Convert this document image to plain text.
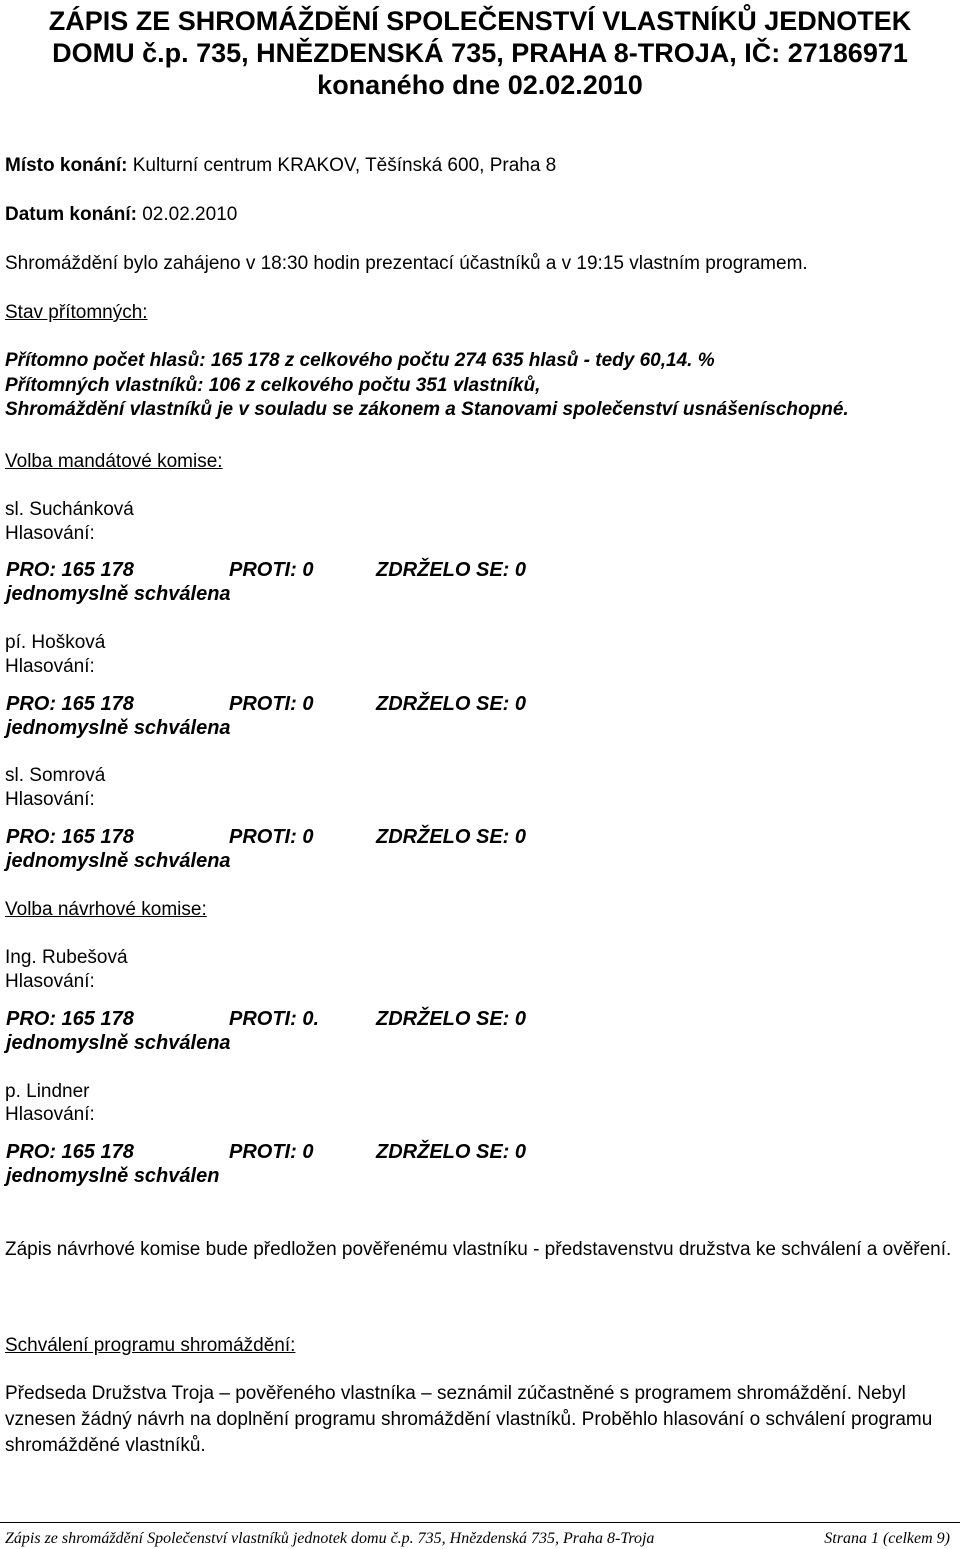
ZÁPIS ZE SHROMÁŽDĚNÍ SPOLEČENSTVÍ VLASTNÍKŮ JEDNOTEK
DOMU č.p. 735, HNĚZDENSKÁ 735, PRAHA 8-TROJA, IČ: 27186971
konaného dne 02.02.2010
Místo konání: Kulturní centrum KRAKOV, Těšínská 600, Praha 8
Datum konání: 02.02.2010
Shromáždění bylo zahájeno v 18:30 hodin prezentací účastníků a v 19:15 vlastním programem.
Stav přítomných:
Přítomno počet hlasů: 165 178 z celkového počtu 274 635 hlasů - tedy 60,14. %
Přítomných vlastníků: 106 z celkového počtu 351 vlastníků,
Shromáždění vlastníků je v souladu se zákonem a Stanovami společenství usnášeníschopné.
Volba mandátové komise:
sl. Suchánková
Hlasování:
PRO: 165 178	PROTI: 0	ZDRŽELO SE: 0
jednomyslně schválena
pí. Hošková
Hlasování:
PRO: 165 178	PROTI: 0	ZDRŽELO SE: 0
jednomyslně schválena
sl. Somrová
Hlasování:
PRO: 165 178	PROTI: 0	ZDRŽELO SE: 0
jednomyslně schválena
Volba návrhové komise:
Ing. Rubešová
Hlasování:
PRO: 165 178	PROTI: 0.	ZDRŽELO SE: 0
jednomyslně schválena
p. Lindner
Hlasování:
PRO: 165 178	PROTI: 0	ZDRŽELO SE: 0
jednomyslně schválen
Zápis návrhové komise bude předložen pověřenému vlastníku - představenstvu družstva ke schválení a ověření.
Schválení programu shromáždění:
Předseda Družstva Troja – pověřeného vlastníka – seznámil zúčastněné s programem shromáždění. Nebyl vznesen žádný návrh na doplnění programu shromáždění vlastníků. Proběhlo hlasování o schválení programu shromážděné vlastníků.
Zápis ze shromáždění Společenství vlastníků jednotek domu č.p. 735, Hnězdenská 735, Praha 8-Troja	Strana 1 (celkem 9)
